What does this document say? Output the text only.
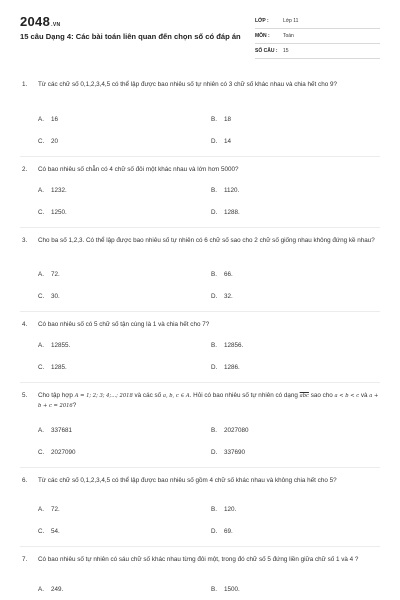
2048.VN
15 câu Dạng 4: Các bài toán liên quan đến chọn số có đáp án
LỚP :	Lớp 11
MÔN :	Toán
SỐ CÂU : 15
1. Từ các chữ số 0,1,2,3,4,5 có thể lập được bao nhiêu số tự nhiên có 3 chữ số khác nhau và chia hết cho 9?
A. 16	B. 18
C. 20	D. 14
2. Có bao nhiêu số chẵn có 4 chữ số đôi một khác nhau và lớn hơn 5000?
A. 1232.	B. 1120.
C. 1250.	D. 1288.
3. Cho ba số 1,2,3. Có thể lập được bao nhiêu số tự nhiên có 6 chữ số sao cho 2 chữ số giống nhau không đứng kề nhau?
A. 72.	B. 66.
C. 30.	D. 32.
4. Có bao nhiêu số có 5 chữ số tận cùng là 1 và chia hết cho 7?
A. 12855.	B. 12856.
C. 1285.	D. 1286.
5. Cho tập hợp A = 1; 2; 3; 4;...; 2018 và các số a, b, c ∈ A. Hỏi có bao nhiêu số tự nhiên có dạng $\overline{abc}$ sao cho a < b < c và a + b + c = 2016?
A. 337681	B. 2027080
C. 2027090	D. 337690
6. Từ các chữ số 0,1,2,3,4,5 có thể lập được bao nhiêu số gồm 4 chữ số khác nhau và không chia hết cho 5?
A. 72.	B. 120.
C. 54.	D. 69.
7. Có bao nhiêu số tự nhiên có sáu chữ số khác nhau từng đôi một, trong đó chữ số 5 đứng liền giữa chữ số 1 và 4 ?
A. 249.	B. 1500.
